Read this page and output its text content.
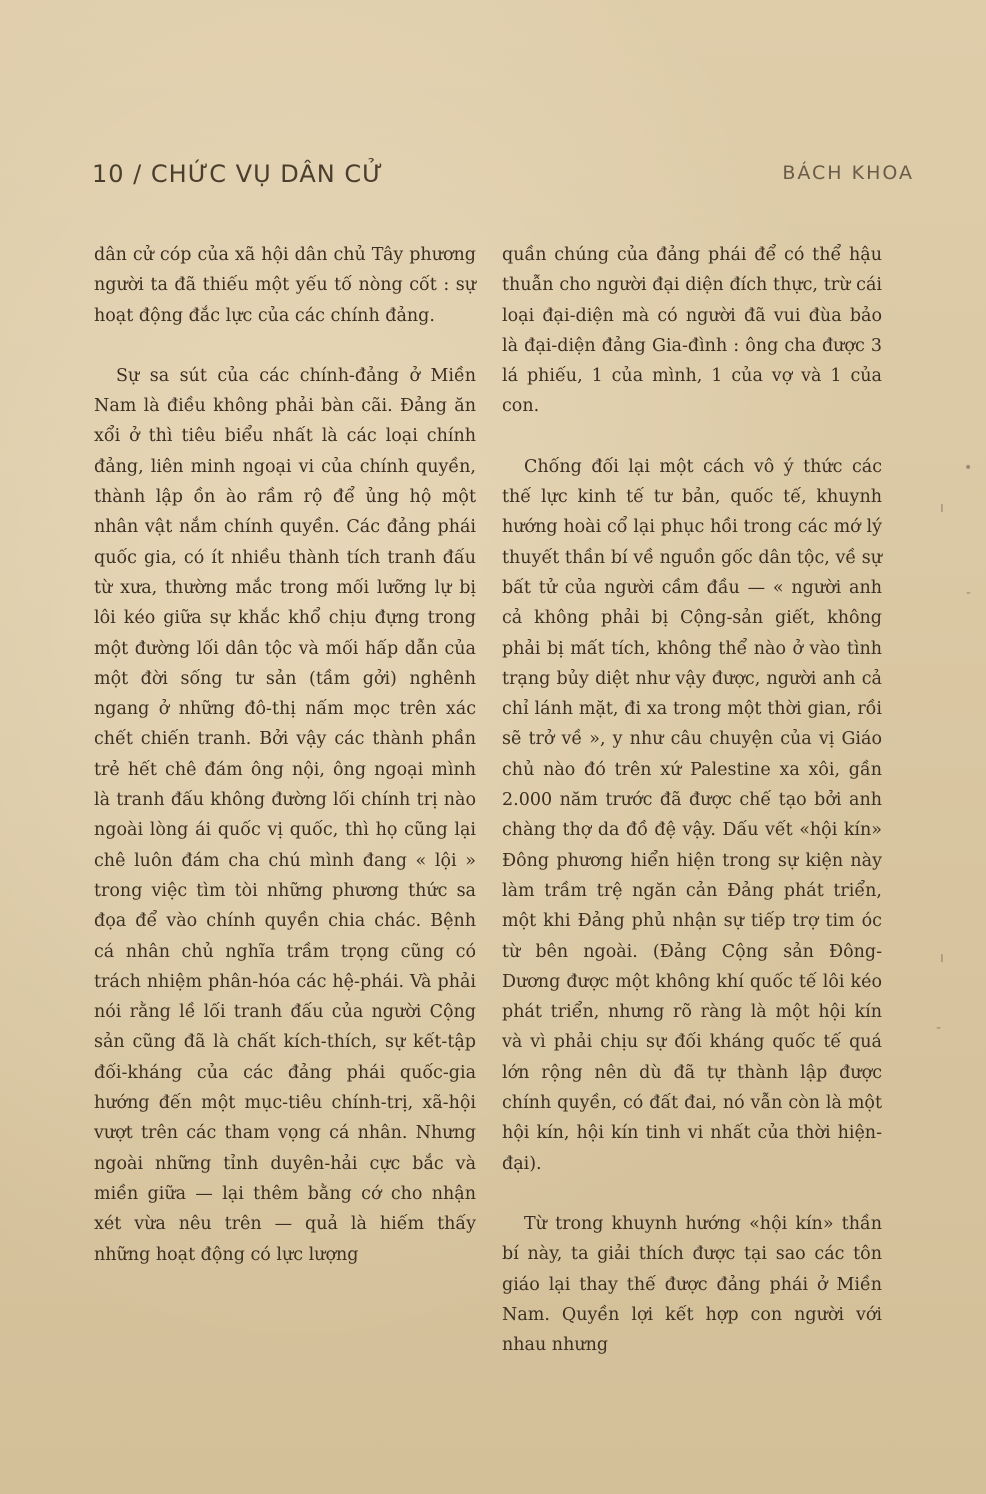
10 / CHỨC VỤ DÂN CỬ	BÁCH KHOA

dân cử cóp của xã hội dân chủ Tây phương người ta đã thiếu một yếu tố nòng cốt : sự hoạt động đắc lực của các chính đảng.

Sự sa sút của các chính-đảng ở Miền Nam là điều không phải bàn cãi. Đảng ăn xổi ở thì tiêu biểu nhất là các loại chính đảng, liên minh ngoại vi của chính quyền, thành lập ồn ào rầm rộ để ủng hộ một nhân vật nắm chính quyền. Các đảng phái quốc gia, có ít nhiều thành tích tranh đấu từ xưa, thường mắc trong mối lưỡng lự bị lôi kéo giữa sự khắc khổ chịu đựng trong một đường lối dân tộc và mối hấp dẫn của một đời sống tư sản (tầm gởi) nghênh ngang ở những đô-thị nấm mọc trên xác chết chiến tranh. Bởi vậy các thành phần trẻ hết chê đám ông nội, ông ngoại mình là tranh đấu không đường lối chính trị nào ngoài lòng ái quốc vị quốc, thì họ cũng lại chê luôn đám cha chú mình đang « lội » trong việc tìm tòi những phương thức sa đọa để vào chính quyền chia chác. Bệnh cá nhân chủ nghĩa trầm trọng cũng có trách nhiệm phân-hóa các hệ-phái. Và phải nói rằng lề lối tranh đấu của người Cộng sản cũng đã là chất kích-thích, sự kết-tập đối-kháng của các đảng phái quốc-gia hướng đến một mục-tiêu chính-trị, xã-hội vượt trên các tham vọng cá nhân. Nhưng ngoài những tỉnh duyên-hải cực bắc và miền giữa — lại thêm bằng cớ cho nhận xét vừa nêu trên — quả là hiếm thấy những hoạt động có lực lượng

quần chúng của đảng phái để có thể hậu thuẫn cho người đại diện đích thực, trừ cái loại đại-diện mà có người đã vui đùa bảo là đại-diện đảng Gia-đình : ông cha được 3 lá phiếu, 1 của mình, 1 của vợ và 1 của con.

Chống đối lại một cách vô ý thức các thế lực kinh tế tư bản, quốc tế, khuynh hướng hoài cổ lại phục hồi trong các mớ lý thuyết thần bí về nguồn gốc dân tộc, về sự bất tử của người cầm đầu — « người anh cả không phải bị Cộng-sản giết, không phải bị mất tích, không thể nào ở vào tình trạng bủy diệt như vậy được, người anh cả chỉ lánh mặt, đi xa trong một thời gian, rồi sẽ trở về », y như câu chuyện của vị Giáo chủ nào đó trên xứ Palestine xa xôi, gần 2.000 năm trước đã được chế tạo bởi anh chàng thợ da đồ đệ vậy. Dấu vết «hội kín» Đông phương hiển hiện trong sự kiện này làm trầm trệ ngăn cản Đảng phát triển, một khi Đảng phủ nhận sự tiếp trợ tim óc từ bên ngoài. (Đảng Cộng sản Đông-Dương được một không khí quốc tế lôi kéo phát triển, nhưng rõ ràng là một hội kín và vì phải chịu sự đối kháng quốc tế quá lớn rộng nên dù đã tự thành lập được chính quyền, có đất đai, nó vẫn còn là một hội kín, hội kín tinh vi nhất của thời hiện-đại).

Từ trong khuynh hướng «hội kín» thần bí này, ta giải thích được tại sao các tôn giáo lại thay thế được đảng phái ở Miền Nam. Quyền lợi kết hợp con người với nhau nhưng

•
ı
-
ı
-
